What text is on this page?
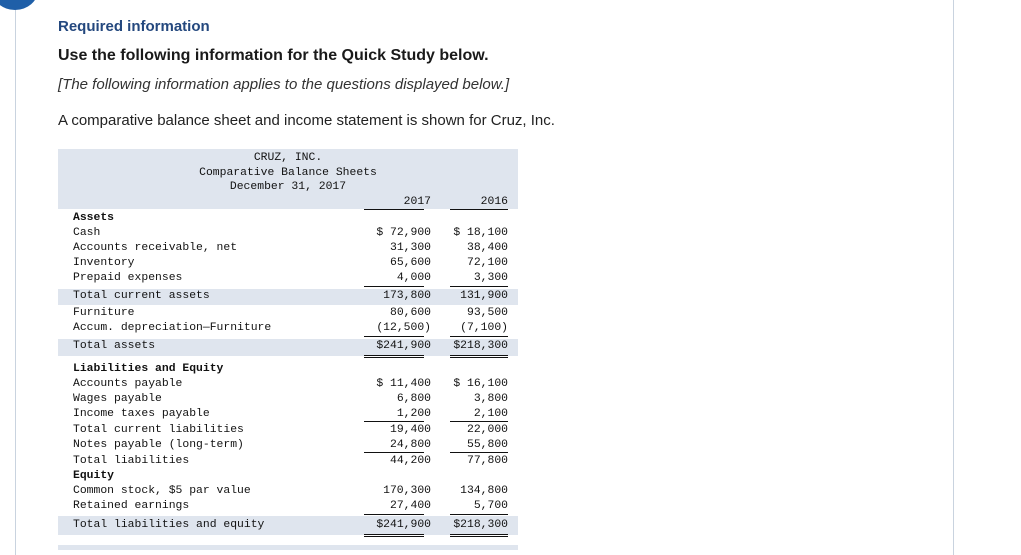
Required information
Use the following information for the Quick Study below.
[The following information applies to the questions displayed below.]
A comparative balance sheet and income statement is shown for Cruz, Inc.
CRUZ, INC.
Comparative Balance Sheets
December 31, 2017
2017	2016
Assets
Cash	$ 72,900 $ 18,100
Accounts receivable, net	31,300	38,400
Inventory	65,600	72,100
Prepaid expenses	4,000	3,300
Total current assets	173,800	131,900
Furniture	80,600	93,500
Accum. depreciation—Furniture	(12,500)	(7,100)
Total assets	$241,900 $218,300
Liabilities and Equity
Accounts payable	$ 11,400 $ 16,100
Wages payable	6,800	3,800
Income taxes payable	1,200	2,100
Total current liabilities	19,400	22,000
Notes payable (long-term)	24,800	55,800
Total liabilities	44,200	77,800
Equity
Common stock, $5 par value	170,300	134,800
Retained earnings	27,400	5,700
Total liabilities and equity	$241,900 $218,300
